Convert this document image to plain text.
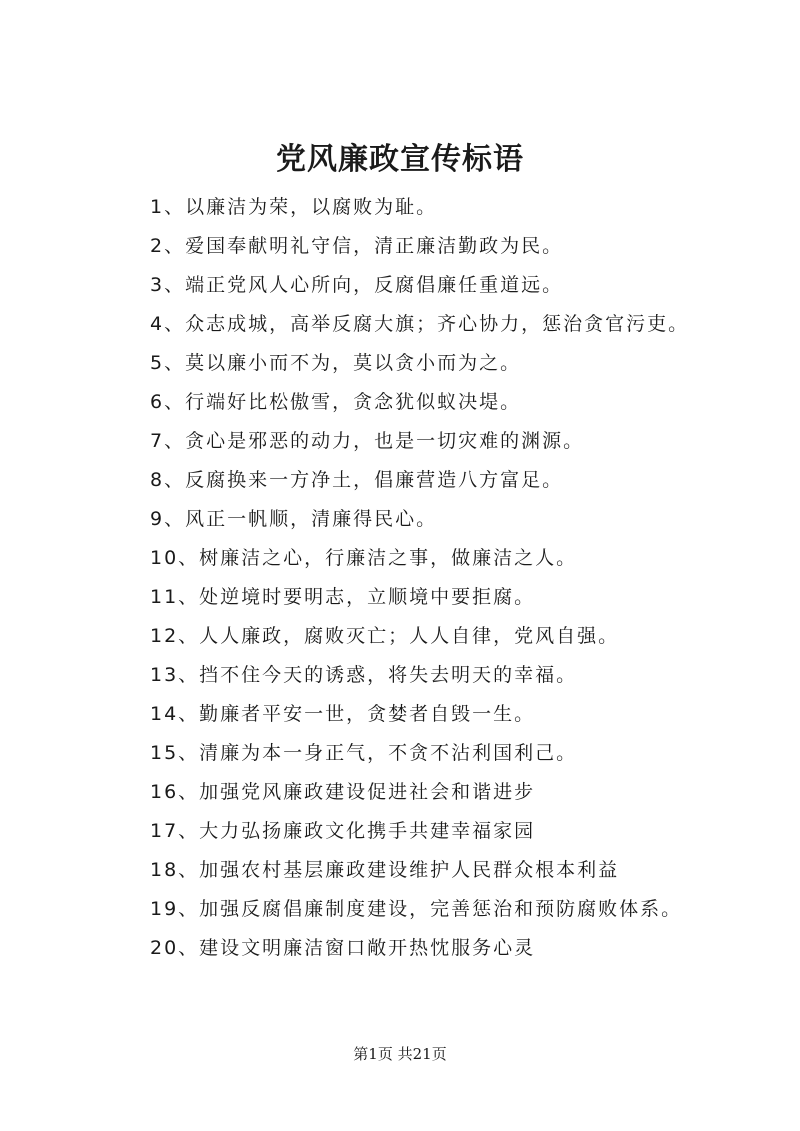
党风廉政宣传标语
1、以廉洁为荣，以腐败为耻。
2、爱国奉献明礼守信，清正廉洁勤政为民。
3、端正党风人心所向，反腐倡廉任重道远。
4、众志成城，高举反腐大旗；齐心协力，惩治贪官污吏。
5、莫以廉小而不为，莫以贪小而为之。
6、行端好比松傲雪，贪念犹似蚁决堤。
7、贪心是邪恶的动力，也是一切灾难的渊源。
8、反腐换来一方净土，倡廉营造八方富足。
9、风正一帆顺，清廉得民心。
10、树廉洁之心，行廉洁之事，做廉洁之人。
11、处逆境时要明志，立顺境中要拒腐。
12、人人廉政，腐败灭亡；人人自律，党风自强。
13、挡不住今天的诱惑，将失去明天的幸福。
14、勤廉者平安一世，贪婪者自毁一生。
15、清廉为本一身正气，不贪不沾利国利己。
16、加强党风廉政建设促进社会和谐进步
17、大力弘扬廉政文化携手共建幸福家园
18、加强农村基层廉政建设维护人民群众根本利益
19、加强反腐倡廉制度建设，完善惩治和预防腐败体系。
20、建设文明廉洁窗口敞开热忱服务心灵
第1页 共21页
